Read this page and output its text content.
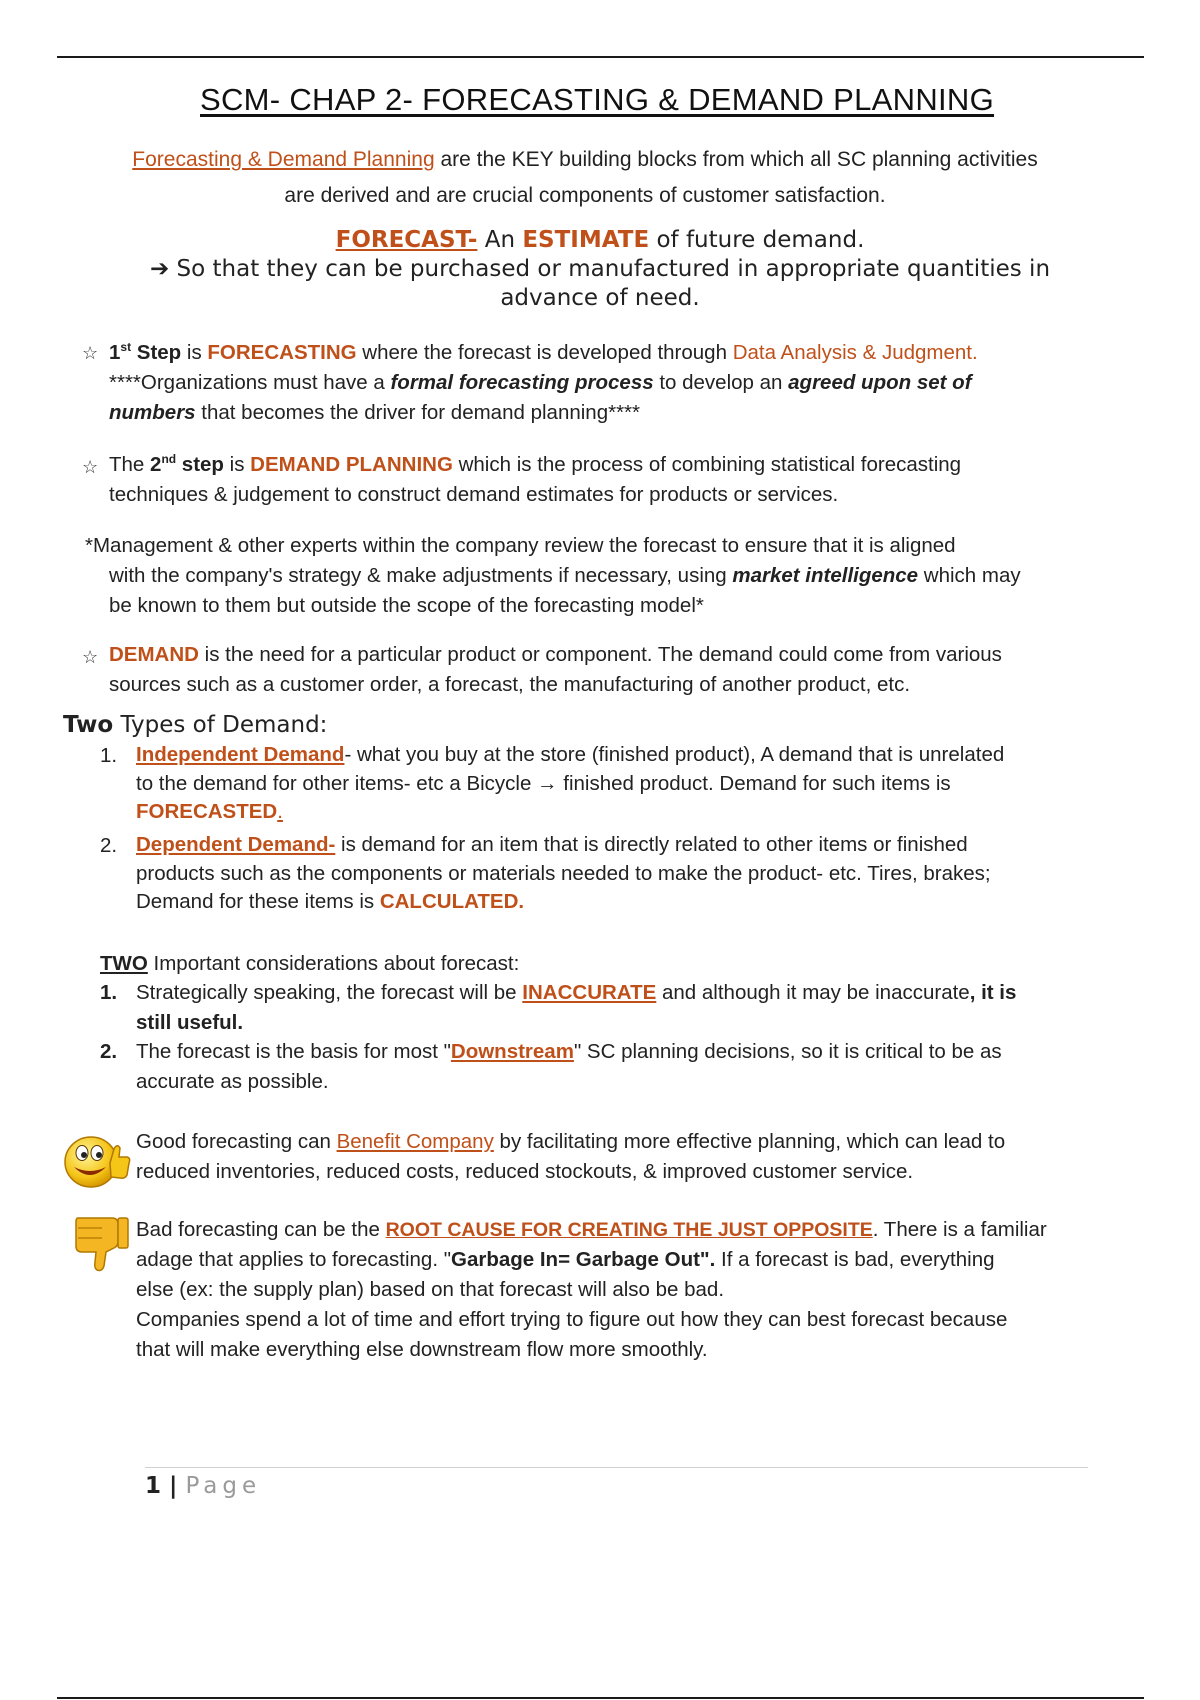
SCM- CHAP 2- FORECASTING & DEMAND PLANNING
Forecasting & Demand Planning are the KEY building blocks from which all SC planning activities
are derived and are crucial components of customer satisfaction.
FORECAST- An ESTIMATE of future demand.
➔ So that they can be purchased or manufactured in appropriate quantities in
advance of need.
☆ 1st Step is FORECASTING where the forecast is developed through Data Analysis & Judgment.
****Organizations must have a formal forecasting process to develop an agreed upon set of
numbers that becomes the driver for demand planning****
☆ The 2nd step is DEMAND PLANNING which is the process of combining statistical forecasting
techniques & judgement to construct demand estimates for products or services.
*Management & other experts within the company review the forecast to ensure that it is aligned
with the company's strategy & make adjustments if necessary, using market intelligence which may
be known to them but outside the scope of the forecasting model*
☆ DEMAND is the need for a particular product or component. The demand could come from various
sources such as a customer order, a forecast, the manufacturing of another product, etc.
Two Types of Demand:
1. Independent Demand- what you buy at the store (finished product), A demand that is unrelated
to the demand for other items- etc a Bicycle → finished product. Demand for such items is
FORECASTED.
2. Dependent Demand- is demand for an item that is directly related to other items or finished
products such as the components or materials needed to make the product- etc. Tires, brakes;
Demand for these items is CALCULATED.
TWO Important considerations about forecast:
1. Strategically speaking, the forecast will be INACCURATE and although it may be inaccurate, it is
still useful.
2. The forecast is the basis for most "Downstream" SC planning decisions, so it is critical to be as
accurate as possible.
Good forecasting can Benefit Company by facilitating more effective planning, which can lead to
reduced inventories, reduced costs, reduced stockouts, & improved customer service.
Bad forecasting can be the ROOT CAUSE FOR CREATING THE JUST OPPOSITE. There is a familiar
adage that applies to forecasting. "Garbage In= Garbage Out". If a forecast is bad, everything
else (ex: the supply plan) based on that forecast will also be bad.
Companies spend a lot of time and effort trying to figure out how they can best forecast because
that will make everything else downstream flow more smoothly.
1 | Page
